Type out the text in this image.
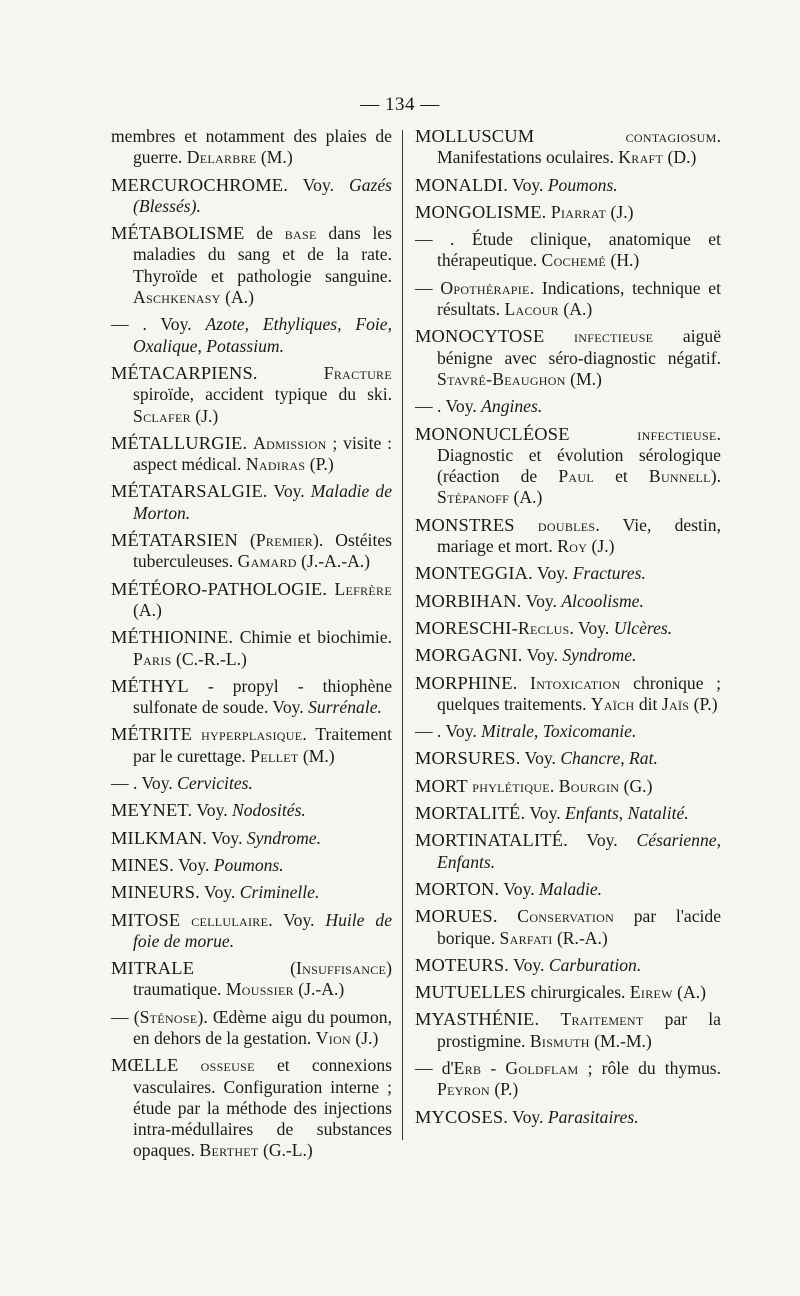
— 134 —
membres et notamment des plaies de guerre. Delarbre (M.)
MERCUROCHROME. Voy. Gazés (Blessés).
MÉTABOLISME de base dans les maladies du sang et de la rate. Thyroïde et pathologie sanguine. Aschkenasy (A.)
— . Voy. Azote, Ethyliques, Foie, Oxalique, Potassium.
MÉTACARPIENS.	Fracture spiroïde, accident typique du ski. Sclafer (J.)
MÉTALLURGIE. Admission ; visite : aspect médical. Nadiras (P.)
MÉTATARSALGIE. Voy. Maladie de Morton.
MÉTATARSIEN (Premier). Ostéites tuberculeuses. Gamard (J.-A.-A.)
MÉTÉORO-PATHOLOGIE. Lefrère (A.)
MÉTHIONINE. Chimie et biochimie. Paris (C.-R.-L.)
MÉTHYL - propyl - thiophène sulfonate de soude. Voy. Surrénale.
MÉTRITE hyperplasique. Traitement par le curettage. Pellet (M.)
— . Voy. Cervicites.
MEYNET. Voy. Nodosités.
MILKMAN. Voy. Syndrome.
MINES. Voy. Poumons.
MINEURS. Voy. Criminelle.
MITOSE cellulaire. Voy. Huile de foie de morue.
MITRALE (Insuffisance) traumatique. Moussier (J.-A.)
— (Sténose). Œdème aigu du poumon, en dehors de la gestation. Vion (J.)
MŒLLE osseuse et connexions vasculaires. Configuration interne ; étude par la méthode des injections intra-médullaires de substances opaques. Berthet (G.-L.)
MOLLUSCUM	contagiosum. Manifestations oculaires. Kraft (D.)
MONALDI. Voy. Poumons.
MONGOLISME. Piarrat (J.)
— . Étude clinique, anatomique et thérapeutique. Cochemé (H.)
— Opothérapie. Indications, technique et résultats. Lacour (A.)
MONOCYTOSE infectieuse aiguë bénigne avec séro-diagnostic négatif. Stavré-Beaughon (M.)
— . Voy. Angines.
MONONUCLÉOSE	infectieuse. Diagnostic et évolution sérologique (réaction de Paul et Bunnell). Stépanoff (A.)
MONSTRES doubles. Vie, destin, mariage et mort. Roy (J.)
MONTEGGIA. Voy. Fractures.
MORBIHAN. Voy. Alcoolisme.
MORESCHI-Reclus. Voy. Ulcères.
MORGAGNI. Voy. Syndrome.
MORPHINE. Intoxication chronique ; quelques traitements. Yaïch dit Jaïs (P.)
— . Voy. Mitrale, Toxicomanie.
MORSURES. Voy. Chancre, Rat.
MORT phylétique. Bourgin (G.)
MORTALITÉ. Voy. Enfants, Natalité.
MORTINATALITÉ. Voy. Césarienne, Enfants.
MORTON. Voy. Maladie.
MORUES. Conservation par l'acide borique. Sarfati (R.-A.)
MOTEURS. Voy. Carburation.
MUTUELLES chirurgicales. Eirew (A.)
MYASTHÉNIE. Traitement par la prostigmine. Bismuth (M.-M.)
— d'Erb - Goldflam ; rôle du thymus. Peyron (P.)
MYCOSES. Voy. Parasitaires.
